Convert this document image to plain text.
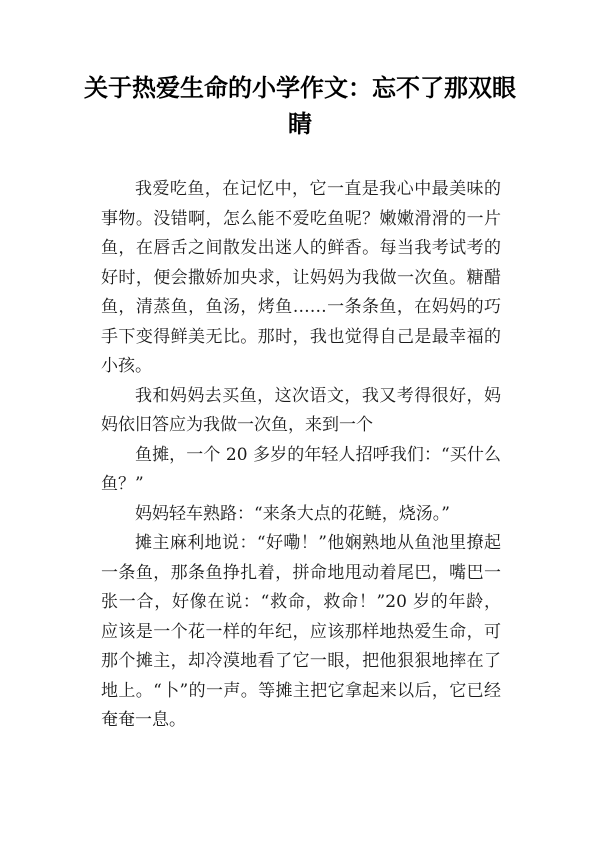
关于热爱生命的小学作文：忘不了那双眼睛

我爱吃鱼，在记忆中，它一直是我心中最美味的事物。没错啊，怎么能不爱吃鱼呢？嫩嫩滑滑的一片鱼，在唇舌之间散发出迷人的鲜香。每当我考试考的好时，便会撒娇加央求，让妈妈为我做一次鱼。糖醋鱼，清蒸鱼，鱼汤，烤鱼……一条条鱼，在妈妈的巧手下变得鲜美无比。那时，我也觉得自己是最幸福的小孩。

我和妈妈去买鱼，这次语文，我又考得很好，妈妈依旧答应为我做一次鱼，来到一个

鱼摊，一个 20 多岁的年轻人招呼我们：“买什么鱼？”

妈妈轻车熟路：“来条大点的花鲢，烧汤。”

摊主麻利地说：“好嘞！”他娴熟地从鱼池里撩起一条鱼，那条鱼挣扎着，拼命地甩动着尾巴，嘴巴一张一合，好像在说：“救命，救命！”20 岁的年龄，应该是一个花一样的年纪，应该那样地热爱生命，可那个摊主，却冷漠地看了它一眼，把他狠狠地摔在了地上。“卜”的一声。等摊主把它拿起来以后，它已经奄奄一息。
